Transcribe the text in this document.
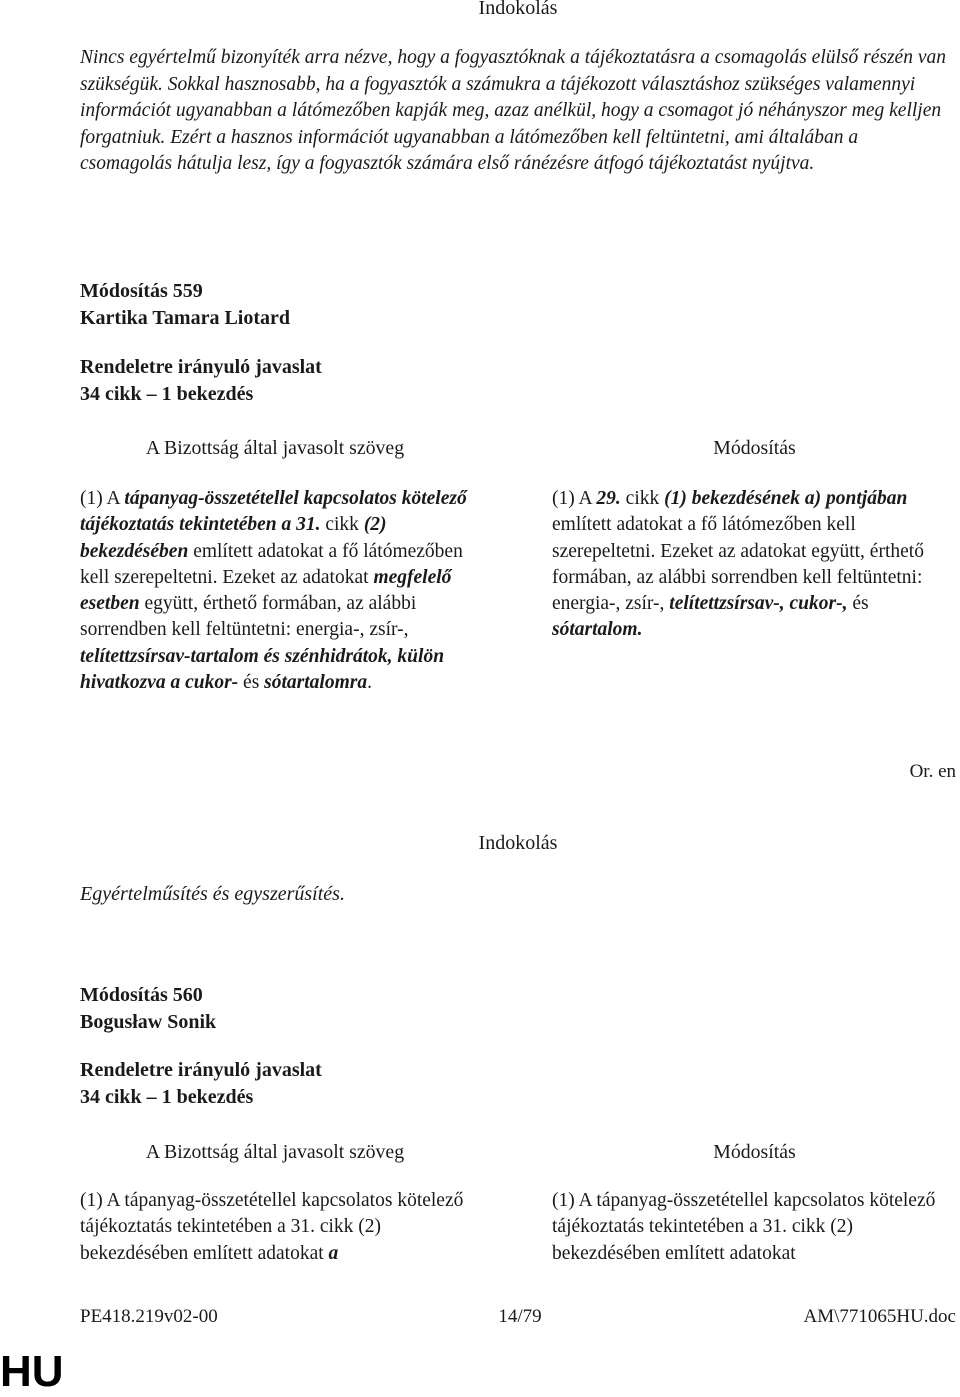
Indokolás
Nincs egyértelmű bizonyíték arra nézve, hogy a fogyasztóknak a tájékoztatásra a csomagolás elülső részén van szükségük. Sokkal hasznosabb, ha a fogyasztók a számukra a tájékozott választáshoz szükséges valamennyi információt ugyanabban a látómezőben kapják meg, azaz anélkül, hogy a csomagot jó néhányszor meg kelljen forgatniuk. Ezért a hasznos információt ugyanabban a látómezőben kell feltüntetni, ami általában a csomagolás hátulja lesz, így a fogyasztók számára első ránézésre átfogó tájékoztatást nyújtva.
Módosítás 559
Kartika Tamara Liotard
Rendeletre irányuló javaslat
34 cikk – 1 bekezdés
A Bizottság által javasolt szöveg	Módosítás
(1) A tápanyag-összetétellel kapcsolatos kötelező tájékoztatás tekintetében a 31. cikk (2) bekezdésében említett adatokat a fő látómezőben kell szerepeltetni. Ezeket az adatokat megfelelő esetben együtt, érthető formában, az alábbi sorrendben kell feltüntetni: energia-, zsír-, telítettzsírsav-tartalom és szénhidrátok, külön hivatkozva a cukor- és sótartalomra.
(1) A 29. cikk (1) bekezdésének a) pontjában említett adatokat a fő látómezőben kell szerepeltetni. Ezeket az adatokat együtt, érthető formában, az alábbi sorrendben kell feltüntetni: energia-, zsír-, telítettzsírsav-, cukor-, és sótartalom.
Or. en
Indokolás
Egyértelműsítés és egyszerűsítés.
Módosítás 560
Bogusław Sonik
Rendeletre irányuló javaslat
34 cikk – 1 bekezdés
A Bizottság által javasolt szöveg	Módosítás
(1) A tápanyag-összetétellel kapcsolatos kötelező tájékoztatás tekintetében a 31. cikk (2) bekezdésében említett adatokat a
(1) A tápanyag-összetétellel kapcsolatos kötelező tájékoztatás tekintetében a 31. cikk (2) bekezdésében említett adatokat
PE418.219v02-00	14/79	AM\771065HU.doc
HU
